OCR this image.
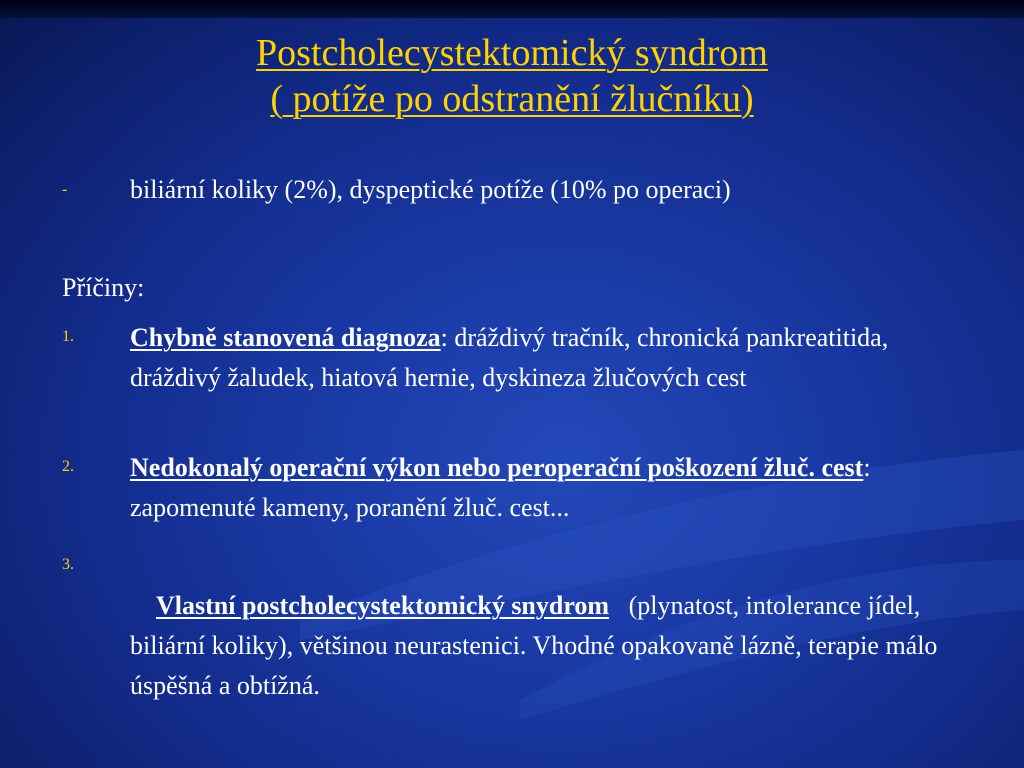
Postcholecystektomický syndrom
( potíže po odstranění žlučníku)
- biliární koliky (2%), dyspeptické potíže (10% po operaci)
Příčiny:
1. Chybně stanovená diagnoza: dráždivý tračník, chronická pankreatitida, dráždivý žaludek, hiatová hernie, dyskineza žlučových cest
2. Nedokonalý operační výkon nebo peroperační poškození žluč. cest: zapomenuté kameny, poranění žluč. cest...
3.

Vlastní postcholecystektomický snydrom   (plynatost, intolerance jídel, biliární koliky), většinou neurastenici. Vhodné opakovaně lázně, terapie málo úspěšná a obtížná.
